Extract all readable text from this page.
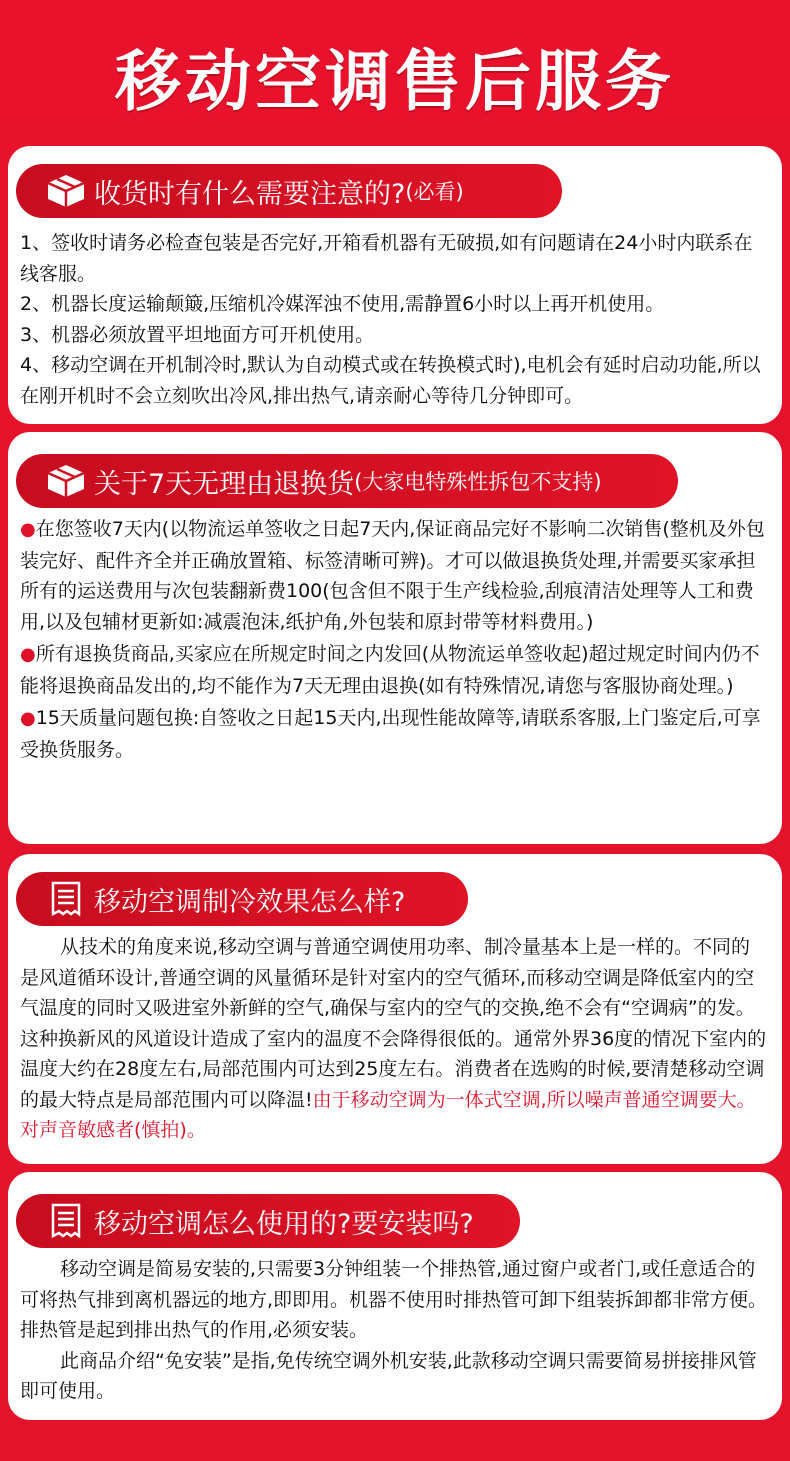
移动空调售后服务
收货时有什么需要注意的? (必看)

1、签收时请务必检查包装是否完好,开箱看机器有无破损,如有问题请在24小时内联系在线客服。

2、机器长度运输颠簸,压缩机冷媒浑浊不使用,需静置6小时以上再开机使用。

3、机器必须放置平坦地面方可开机使用。

4、移动空调在开机制冷时,默认为自动模式或在转换模式时),电机会有延时启动功能,所以在刚开机时不会立刻吹出冷风,排出热气,请亲耐心等待几分钟即可。

关于7天无理由退换货 (大家电特殊性拆包不支持)

●在您签收7天内(以物流运单签收之日起7天内,保证商品完好不影响二次销售(整机及外包装完好、配件齐全并正确放置箱、标签清晰可辨)。才可以做退换货处理,并需要买家承担所有的运送费用与次包装翻新费100(包含但不限于生产线检验,刮痕清洁处理等人工和费用,以及包辅材更新如:减震泡沫,纸护角,外包装和原封带等材料费用。)

●所有退换货商品,买家应在所规定时间之内发回(从物流运单签收起)超过规定时间内仍不能将退换商品发出的,均不能作为7天无理由退换(如有特殊情况,请您与客服协商处理。)

●15天质量问题包换:自签收之日起15天内,出现性能故障等,请联系客服,上门鉴定后,可享受换货服务。

移动空调制冷效果怎么样?

从技术的角度来说,移动空调与普通空调使用功率、制冷量基本上是一样的。不同的是风道循环设计,普通空调的风量循环是针对室内的空气循环,而移动空调是降低室内的空气温度的同时又吸进室外新鲜的空气,确保与室内的空气的交换,绝不会有“空调病”的发。这种换新风的风道设计造成了室内的温度不会降得很低的。通常外界36度的情况下室内的温度大约在28度左右,局部范围内可达到25度左右。消费者在选购的时候,要清楚移动空调的最大特点是局部范围内可以降温!由于移动空调为一体式空调,所以噪声普通空调要大。对声音敏感者(慎拍)。

移动空调怎么使用的?要安装吗?

移动空调是简易安装的,只需要3分钟组装一个排热管,通过窗户或者门,或任意适合的可将热气排到离机器远的地方,即即用。机器不使用时排热管可卸下组装拆卸都非常方便。排热管是起到排出热气的作用,必须安装。

此商品介绍“免安装”是指,免传统空调外机安装,此款移动空调只需要简易拼接排风管即可使用。
